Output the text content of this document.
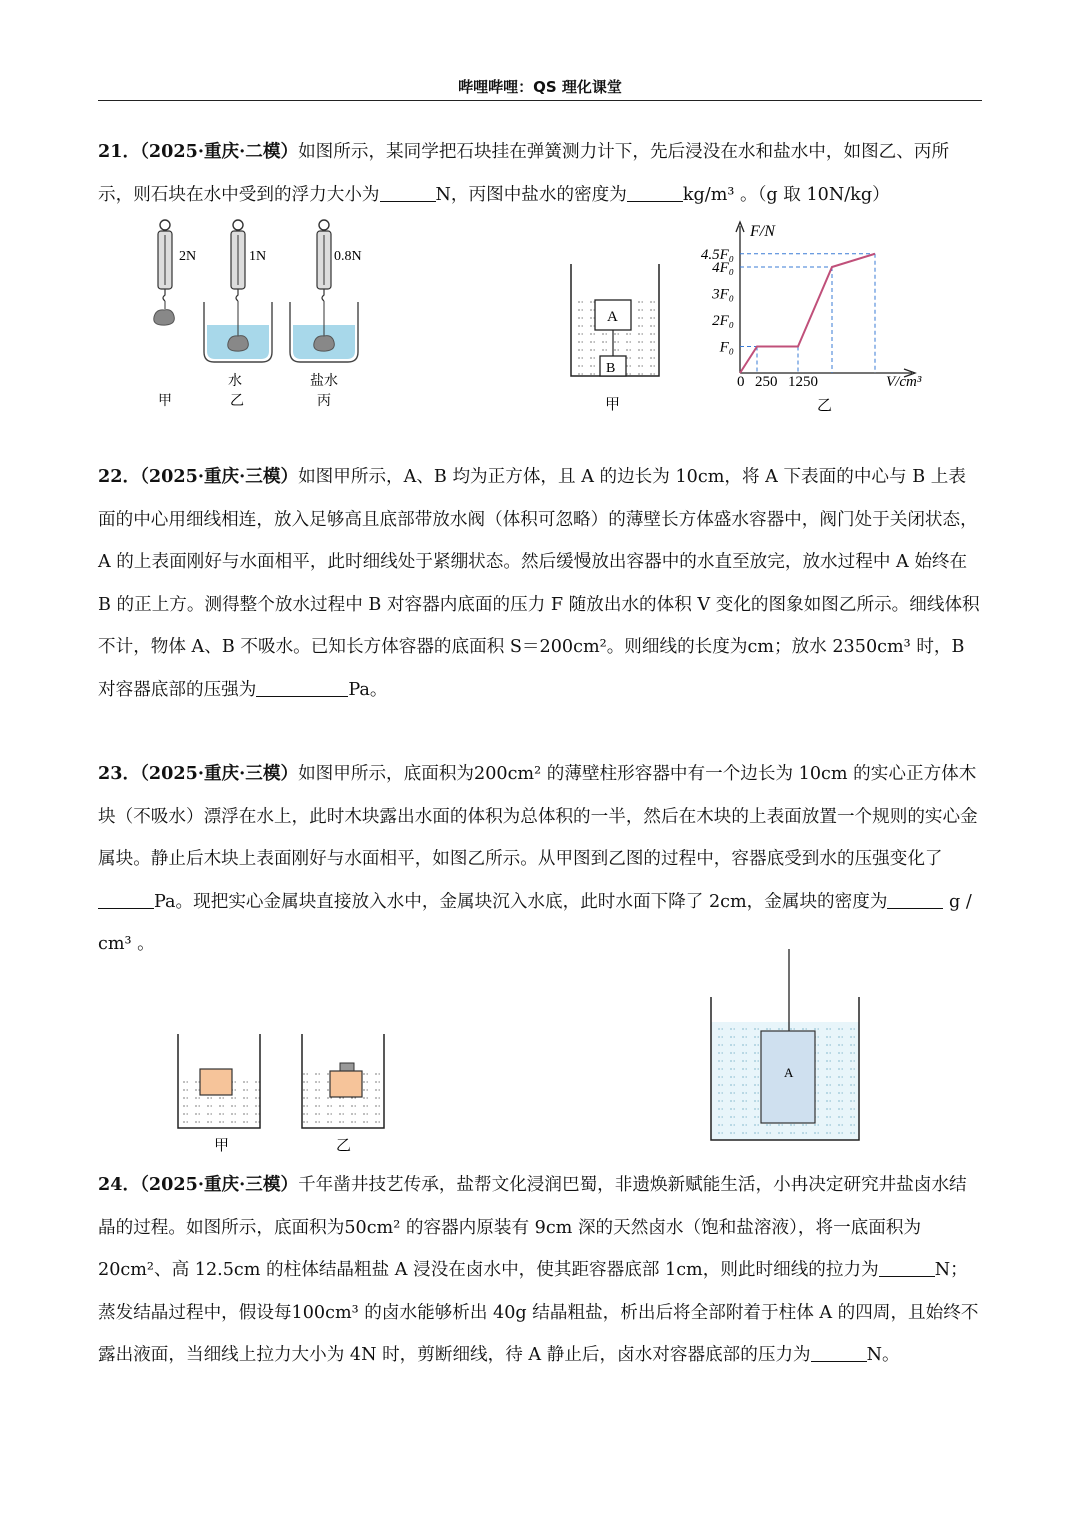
哔哩哔哩：QS 理化课堂
21．（2025·重庆·二模）如图所示，某同学把石块挂在弹簧测力计下，先后浸没在水和盐水中，如图乙、丙所示，则石块在水中受到的浮力大小为	N，丙图中盐水的密度为	kg/m³ 。（g 取 10N/kg）
2N	1N	0.8N
水	盐水
甲	乙	丙
A
B
甲
F₀
2F₀
3F₀
4F₀
4.5F₀
250 1250
F/N
V/cm³
0
乙
22．（2025·重庆·三模）如图甲所示，A、B 均为正方体，且 A 的边长为 10cm，将 A 下表面的中心与 B 上表面的中心用细线相连，放入足够高且底部带放水阀（体积可忽略）的薄壁长方体盛水容器中，阀门处于关闭状态，A 的上表面刚好与水面相平，此时细线处于紧绷状态。然后缓慢放出容器中的水直至放完，放水过程中 A 始终在 B 的正上方。测得整个放水过程中 B 对容器内底面的压力 F 随放出水的体积 V 变化的图象如图乙所示。细线体积不计，物体 A、B 不吸水。已知长方体容器的底面积 S＝200cm²。则细线的长度为cm；放水 2350cm³ 时，B 对容器底部的压强为	Pa。
23．（2025·重庆·三模）如图甲所示，底面积为200cm² 的薄壁柱形容器中有一个边长为 10cm 的实心正方体木块（不吸水）漂浮在水上，此时木块露出水面的体积为总体积的一半，然后在木块的上表面放置一个规则的实心金属块。静止后木块上表面刚好与水面相平，如图乙所示。从甲图到乙图的过程中，容器底受到水的压强变化了Pa。现把实心金属块直接放入水中，金属块沉入水底，此时水面下降了 2cm，金属块的密度为	g / cm³ 。
甲	乙
A
24．（2025·重庆·三模）千年凿井技艺传承，盐帮文化浸润巴蜀，非遗焕新赋能生活，小冉决定研究井盐卤水结晶的过程。如图所示，底面积为50cm² 的容器内原装有 9cm 深的天然卤水（饱和盐溶液），将一底面积为20cm²、高 12.5cm 的柱体结晶粗盐 A 浸没在卤水中，使其距容器底部 1cm，则此时细线的拉力为	N；蒸发结晶过程中，假设每100cm³ 的卤水能够析出 40g 结晶粗盐，析出后将全部附着于柱体 A 的四周，且始终不露出液面，当细线上拉力大小为 4N 时，剪断细线，待 A 静止后，卤水对容器底部的压力为	N。
